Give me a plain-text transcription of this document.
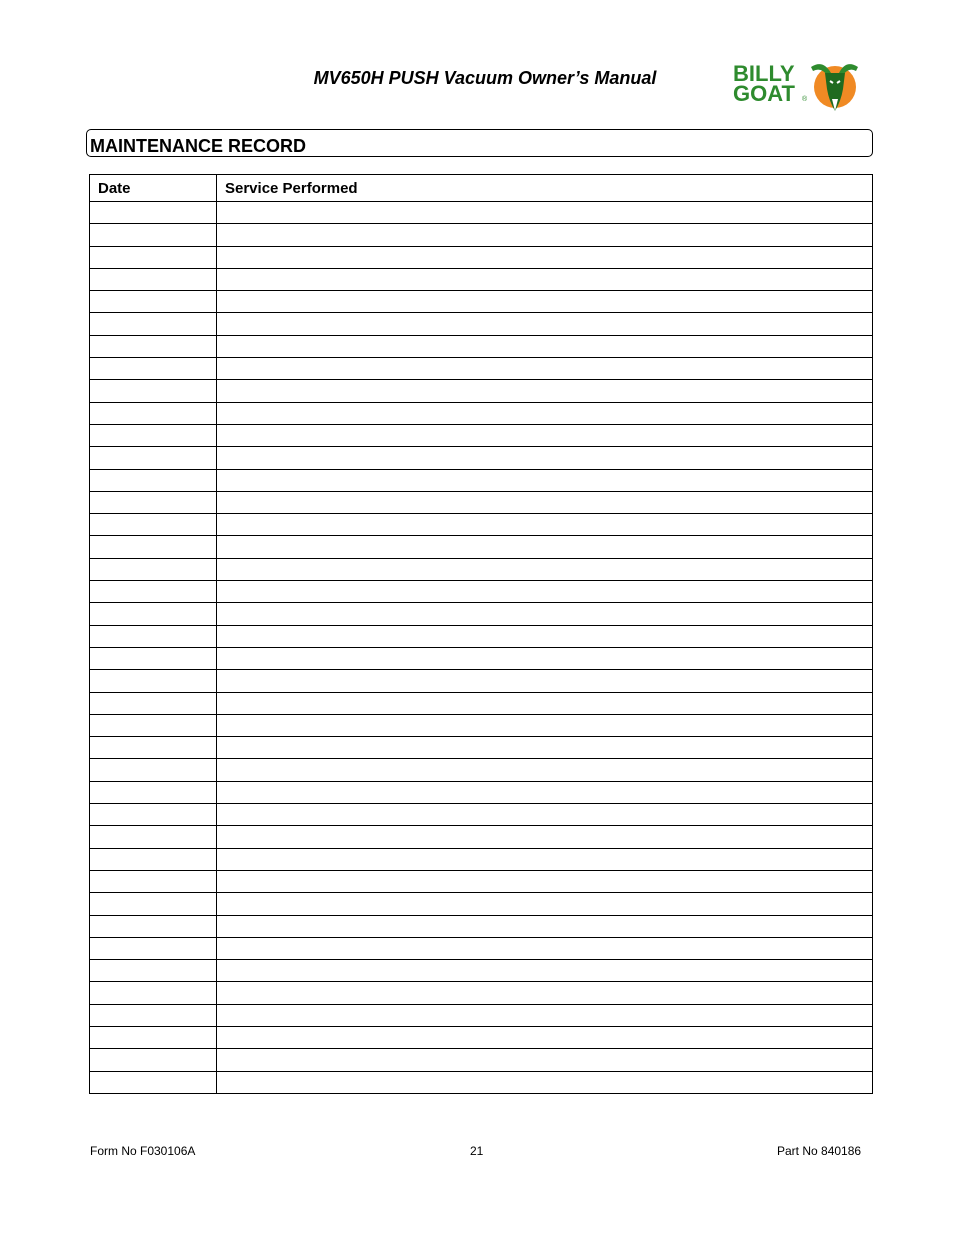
MV650H PUSH Vacuum Owner’s Manual	BILLY
GOAT ®
MAINTENANCE RECORD
Date	Service Performed

Form No F030106A	21	Part No 840186
